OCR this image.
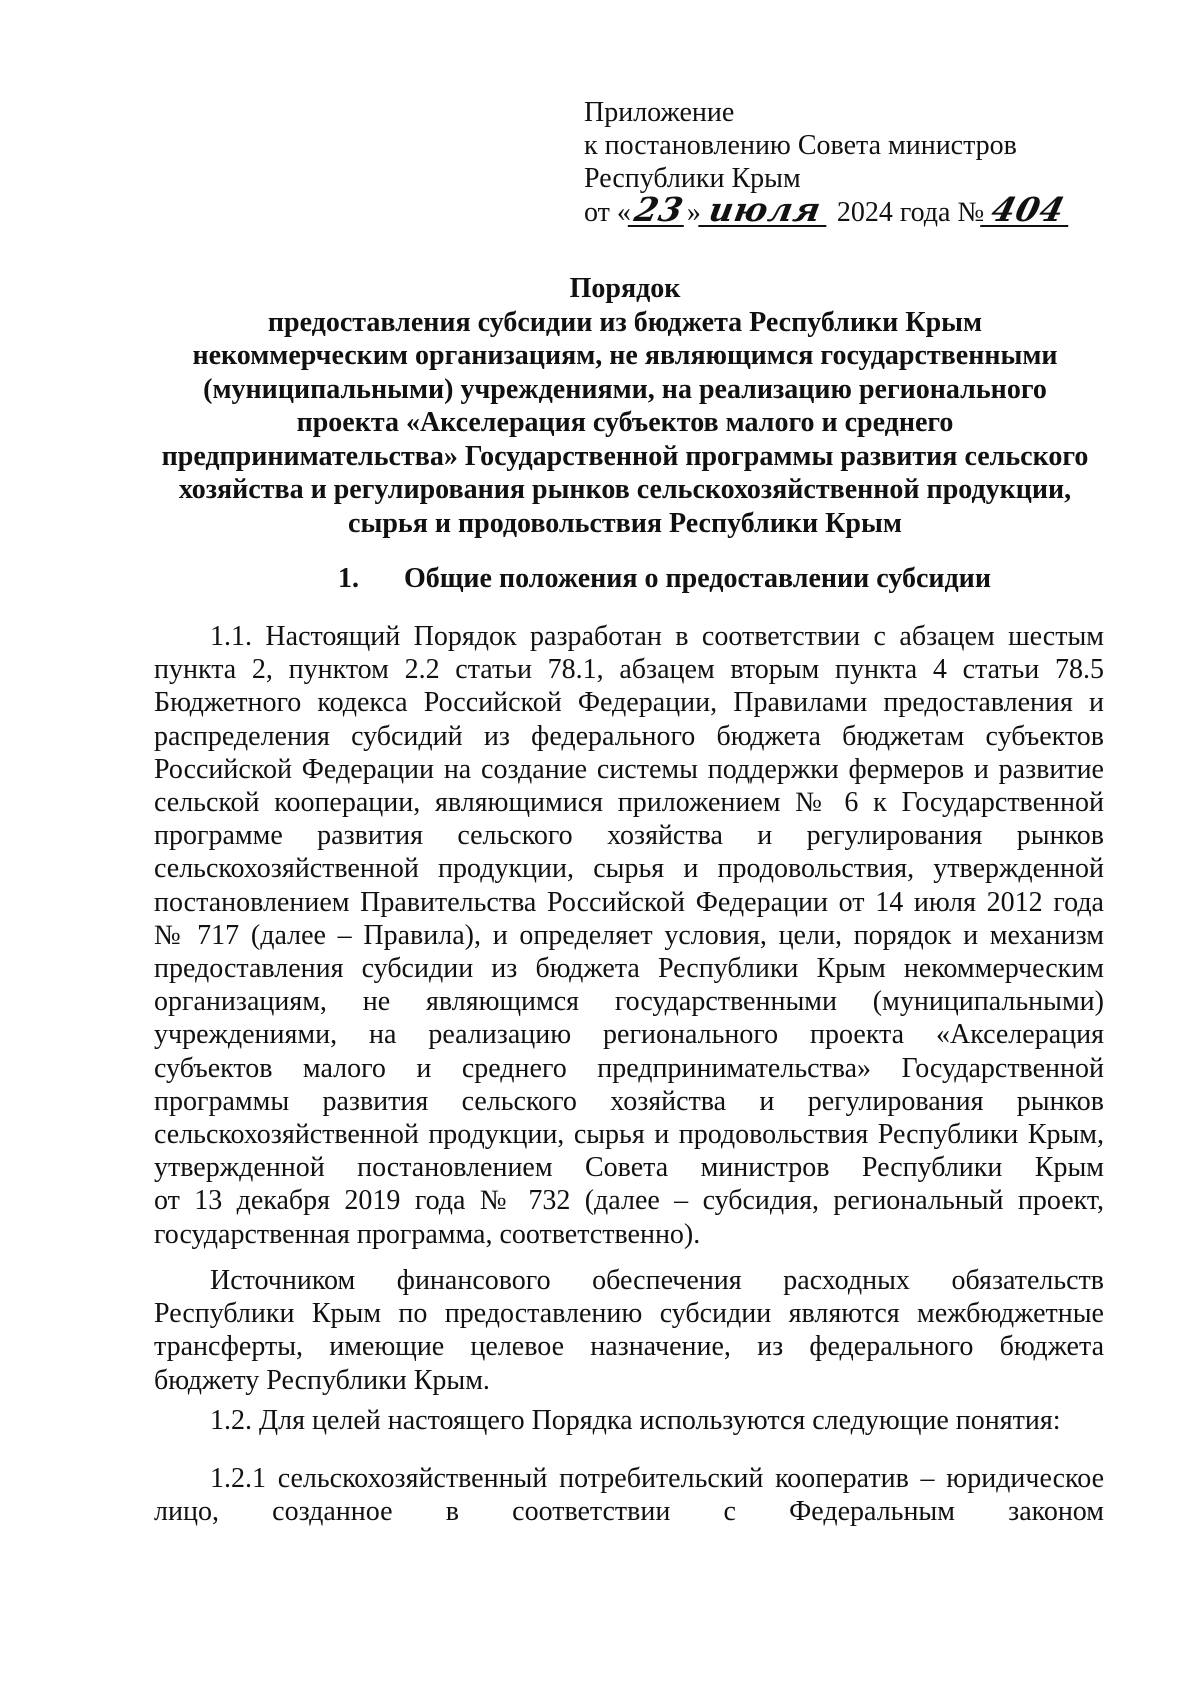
Приложение
к постановлению Совета министров
Республики Крым
от « 23 » июля 2024 года № 404
Порядок
предоставления субсидии из бюджета Республики Крым
некоммерческим организациям, не являющимся государственными
(муниципальными) учреждениями, на реализацию регионального
проекта «Акселерация субъектов малого и среднего
предпринимательства» Государственной программы развития сельского
хозяйства и регулирования рынков сельскохозяйственной продукции,
сырья и продовольствия Республики Крым
1. Общие положения о предоставлении субсидии
1.1. Настоящий Порядок разработан в соответствии с абзацем шестым
пункта 2, пунктом 2.2 статьи 78.1, абзацем вторым пункта 4 статьи 78.5
Бюджетного кодекса Российской Федерации, Правилами предоставления и
распределения субсидий из федерального бюджета бюджетам субъектов
Российской Федерации на создание системы поддержки фермеров и развитие
сельской кооперации, являющимися приложением № 6 к Государственной
программе развития сельского хозяйства и регулирования рынков
сельскохозяйственной продукции, сырья и продовольствия, утвержденной
постановлением Правительства Российской Федерации от 14 июля 2012 года
№ 717 (далее – Правила), и определяет условия, цели, порядок и механизм
предоставления субсидии из бюджета Республики Крым некоммерческим
организациям, не являющимся государственными (муниципальными)
учреждениями, на реализацию регионального проекта «Акселерация
субъектов малого и среднего предпринимательства» Государственной
программы развития сельского хозяйства и регулирования рынков
сельскохозяйственной продукции, сырья и продовольствия Республики Крым,
утвержденной постановлением Совета министров Республики Крым
от 13 декабря 2019 года № 732 (далее – субсидия, региональный проект,
государственная программа, соответственно).
Источником финансового обеспечения расходных обязательств
Республики Крым по предоставлению субсидии являются межбюджетные
трансферты, имеющие целевое назначение, из федерального бюджета
бюджету Республики Крым.
1.2. Для целей настоящего Порядка используются следующие понятия:
1.2.1 сельскохозяйственный потребительский кооператив – юридическое
лицо, созданное в соответствии с Федеральным законом
